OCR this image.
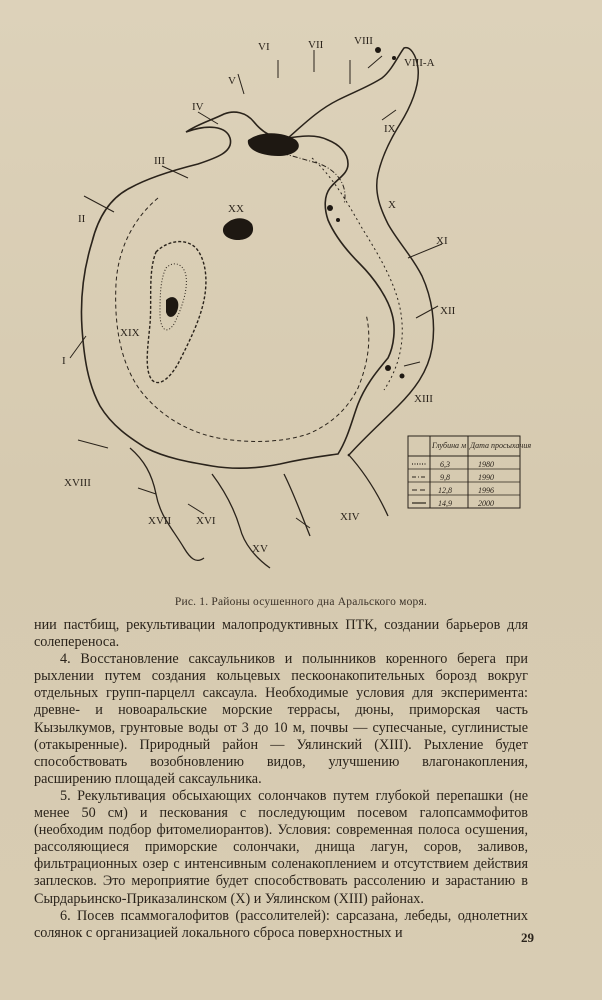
I
II
III
IV
V
VI	VII	VIII
VIII-А
IX
X
XI
XII
XIII
XIV
XV
XVI
XVII
XVIII
XIX
XX
Глубина м Дата просыхания
6,3	1980
9,8	1990
12,8	1996
14,9	2000
Рис. 1. Районы осушенного дна Аральского моря.

нии пастбищ, рекультивации малопродуктивных ПТК, создании барьеров для солепереноса.

4. Восстановление саксаульников и полынников коренного берега при рыхлении путем создания кольцевых пескоонакопительных борозд вокруг отдельных групп-парцелл саксаула. Необходимые условия для эксперимента: древне- и новоаральские морские террасы, дюны, приморская часть Кызылкумов, грунтовые воды от 3 до 10 м, почвы — супесчаные, суглинистые (отакыренные). Природный район — Уялинский (XIII). Рыхление будет способствовать возобновлению видов, улучшению влагонакопления, расширению площадей саксаульника.

5. Рекультивация обсыхающих солончаков путем глубокой перепашки (не менее 50 см) и пескования с последующим посевом галопсаммофитов (необходим подбор фитомелиорантов). Условия: современная полоса осушения, рассоляющиеся приморские солончаки, днища лагун, соров, заливов, фильтрационных озер с интенсивным соленакоплением и отсутствием действия заплесков. Это мероприятие будет способствовать рассолению и зарастанию в Сырдарьинско-Приказалинском (X) и Уялинском (XIII) районах.

6. Посев псаммогалофитов (рассолителей): сарсазана, лебеды, однолетних солянок с организацией локального сброса поверхностных и	29
